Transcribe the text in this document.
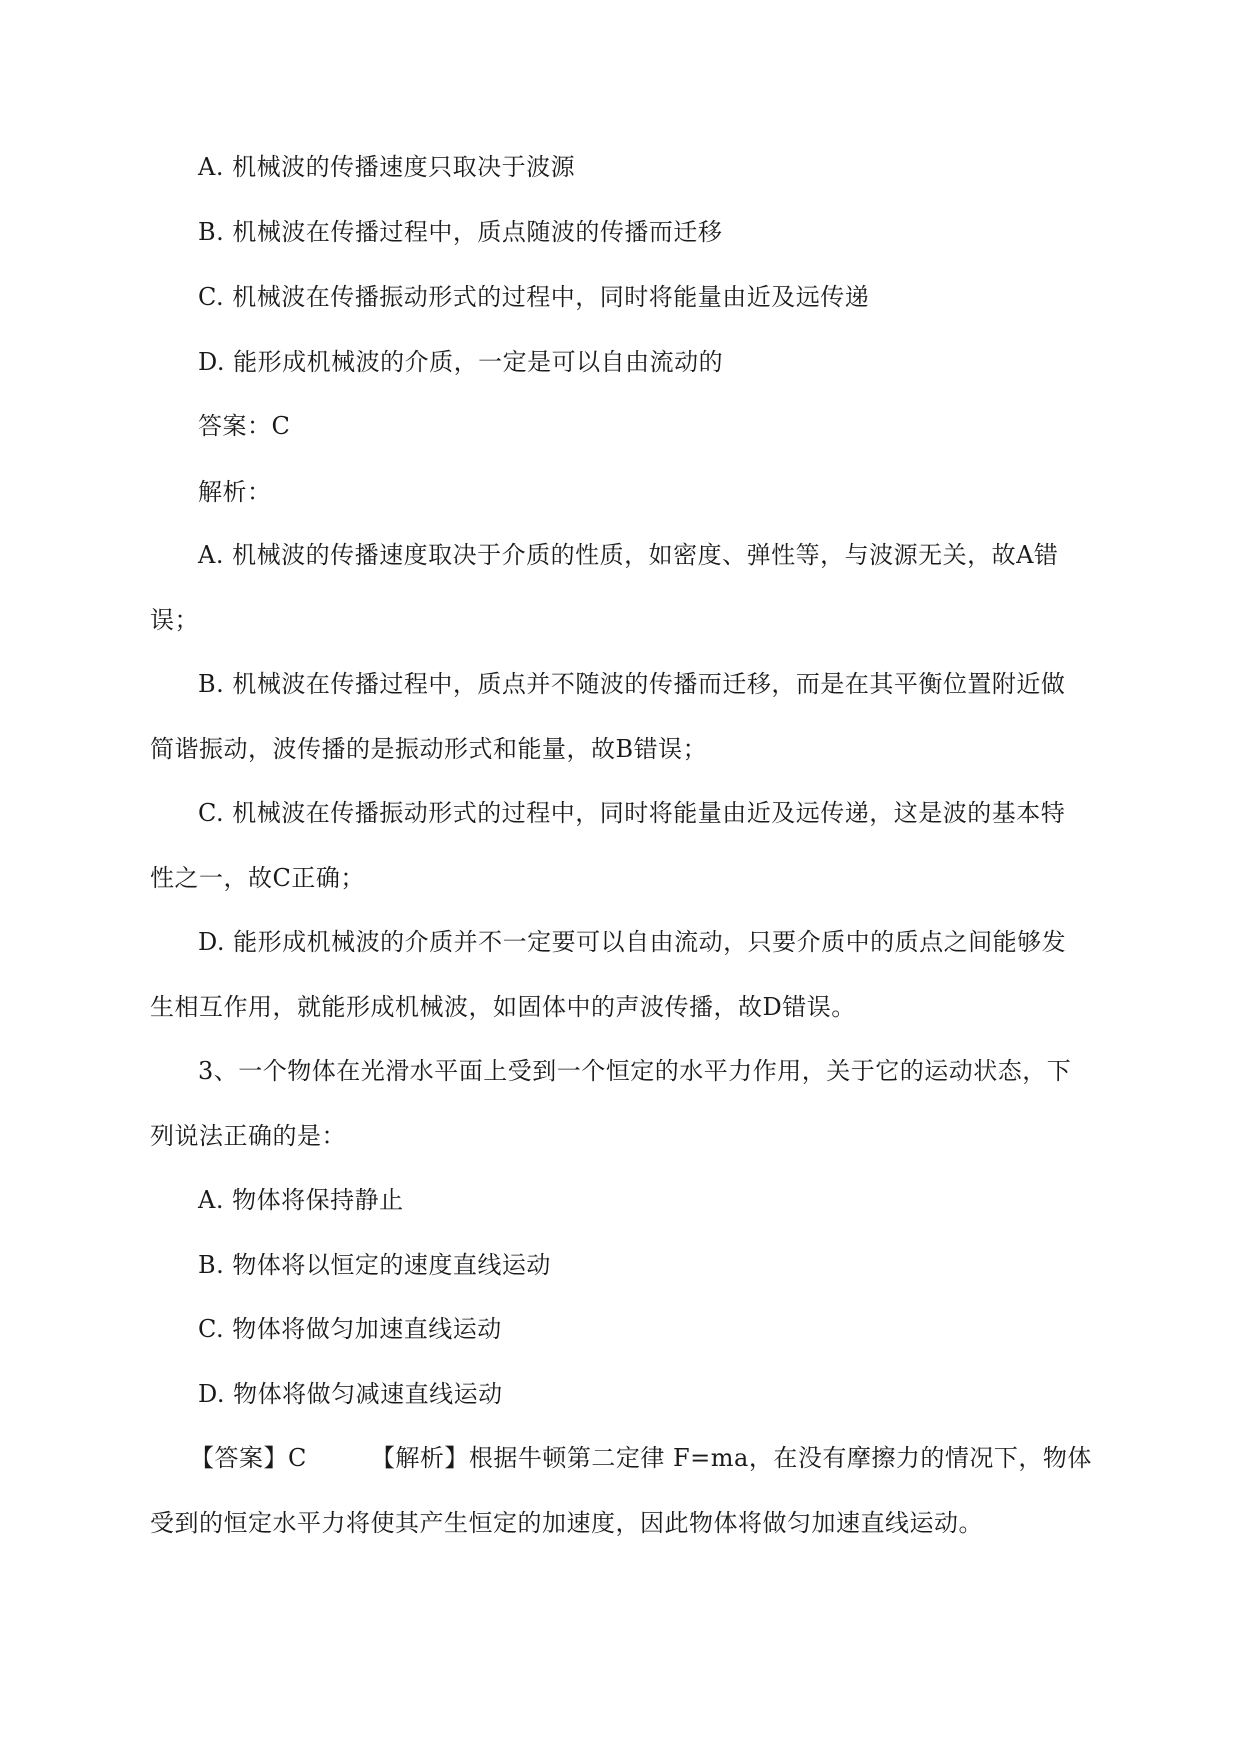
A. 机械波的传播速度只取决于波源
B. 机械波在传播过程中，质点随波的传播而迁移
C. 机械波在传播振动形式的过程中，同时将能量由近及远传递
D. 能形成机械波的介质，一定是可以自由流动的
答案：C
解析：
A. 机械波的传播速度取决于介质的性质，如密度、弹性等，与波源无关，故A错
误；
B. 机械波在传播过程中，质点并不随波的传播而迁移，而是在其平衡位置附近做
简谐振动，波传播的是振动形式和能量，故B错误；
C. 机械波在传播振动形式的过程中，同时将能量由近及远传递，这是波的基本特
性之一，故C正确；
D. 能形成机械波的介质并不一定要可以自由流动，只要介质中的质点之间能够发
生相互作用，就能形成机械波，如固体中的声波传播，故D错误。
3、一个物体在光滑水平面上受到一个恒定的水平力作用，关于它的运动状态，下
列说法正确的是：
A. 物体将保持静止
B. 物体将以恒定的速度直线运动
C. 物体将做匀加速直线运动
D. 物体将做匀减速直线运动
【答案】C	【解析】根据牛顿第二定律 F=ma，在没有摩擦力的情况下，物体
受到的恒定水平力将使其产生恒定的加速度，因此物体将做匀加速直线运动。
